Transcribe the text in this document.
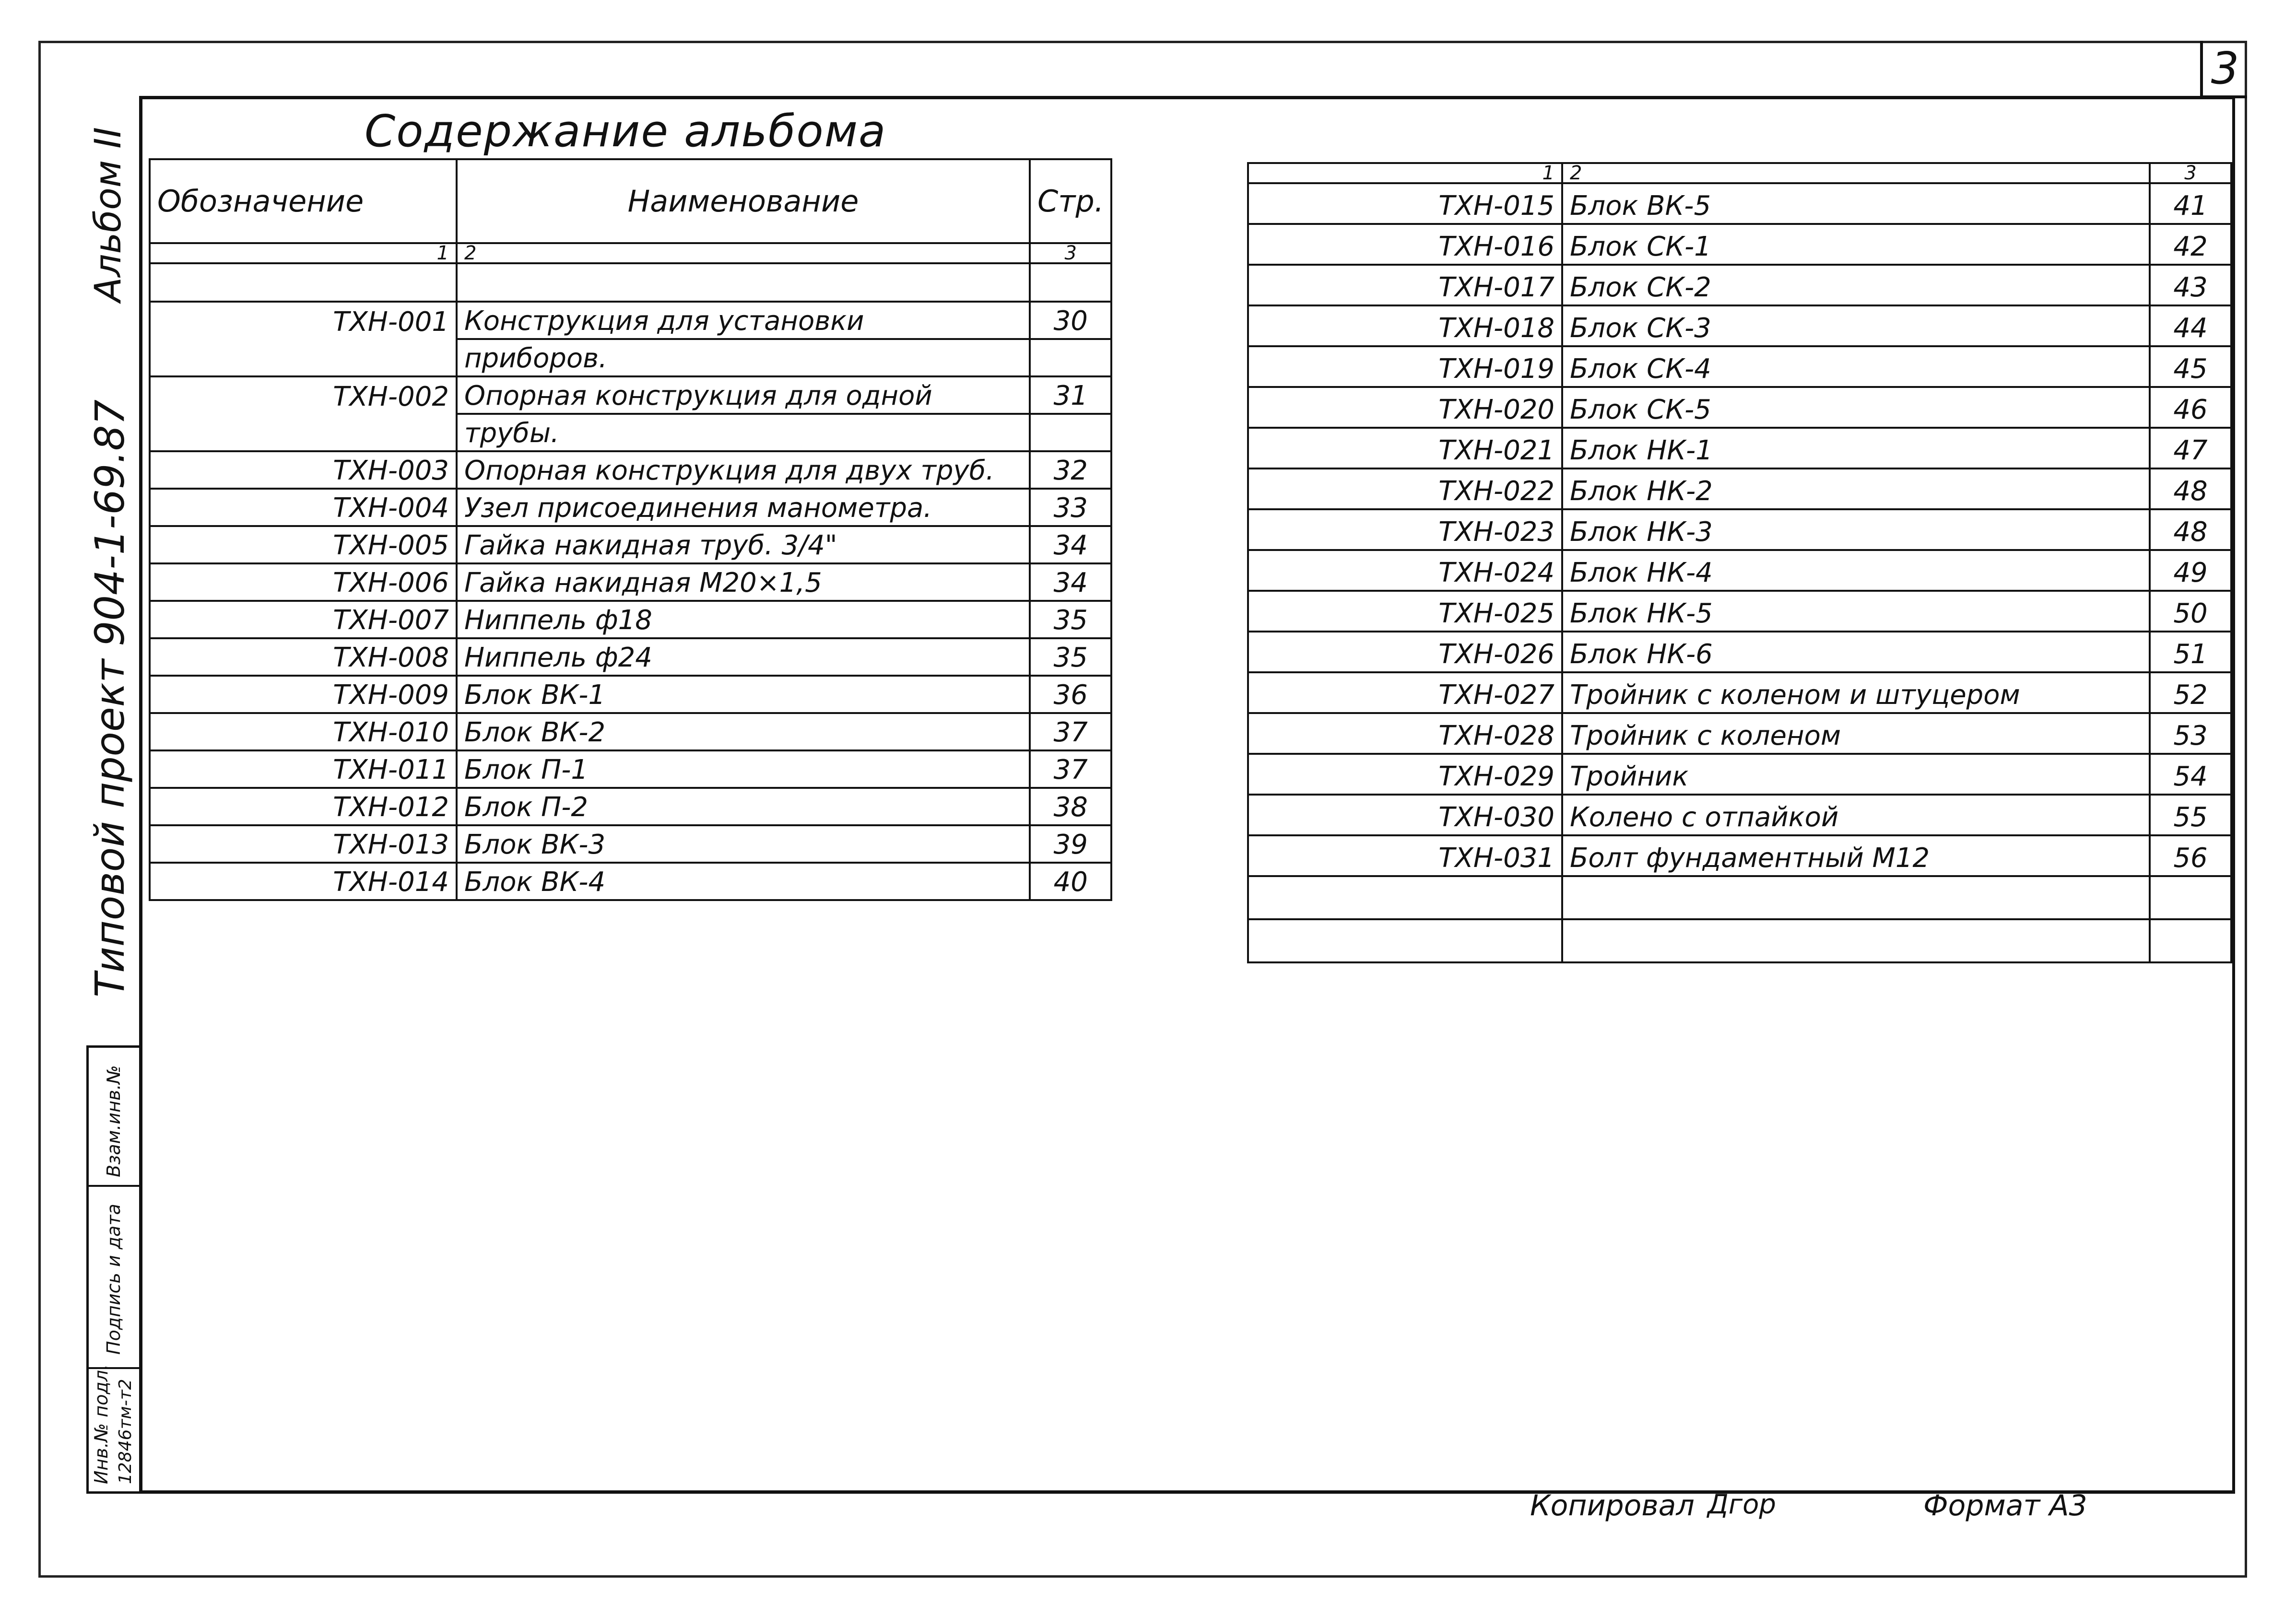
3
Содержание альбома
Альбом II
Типовой проект 904-1-69.87
Взам.инв.№
Подпись и дата
Инв.№ подл. 12846тм-т2
Обозначение	Наименование	Стр.
1	2	3

ТХН-001	Конструкция для установки	30
	приборов.	
ТХН-002	Опорная конструкция для одной	31
	трубы.	
ТХН-003	Опорная конструкция для двух труб.	32
ТХН-004	Узел присоединения манометра.	33
ТХН-005	Гайка накидная труб. 3/4"	34
ТХН-006	Гайка накидная М20×1,5	34
ТХН-007	Ниппель ф18	35
ТХН-008	Ниппель ф24	35
ТХН-009	Блок ВК-1	36
ТХН-010	Блок ВК-2	37
ТХН-011	Блок П-1	37
ТХН-012	Блок П-2	38
ТХН-013	Блок ВК-3	39
ТХН-014	Блок ВК-4	40
1	2	3
ТХН-015	Блок ВК-5	41
ТХН-016	Блок СК-1	42
ТХН-017	Блок СК-2	43
ТХН-018	Блок СК-3	44
ТХН-019	Блок СК-4	45
ТХН-020	Блок СК-5	46
ТХН-021	Блок НК-1	47
ТХН-022	Блок НК-2	48
ТХН-023	Блок НК-3	48
ТХН-024	Блок НК-4	49
ТХН-025	Блок НК-5	50
ТХН-026	Блок НК-6	51
ТХН-027	Тройник с коленом и штуцером	52
ТХН-028	Тройник с коленом	53
ТХН-029	Тройник	54
ТХН-030	Колено с отпайкой	55
ТХН-031	Болт фундаментный М12	56

Копировал Дгор	Формат А3
